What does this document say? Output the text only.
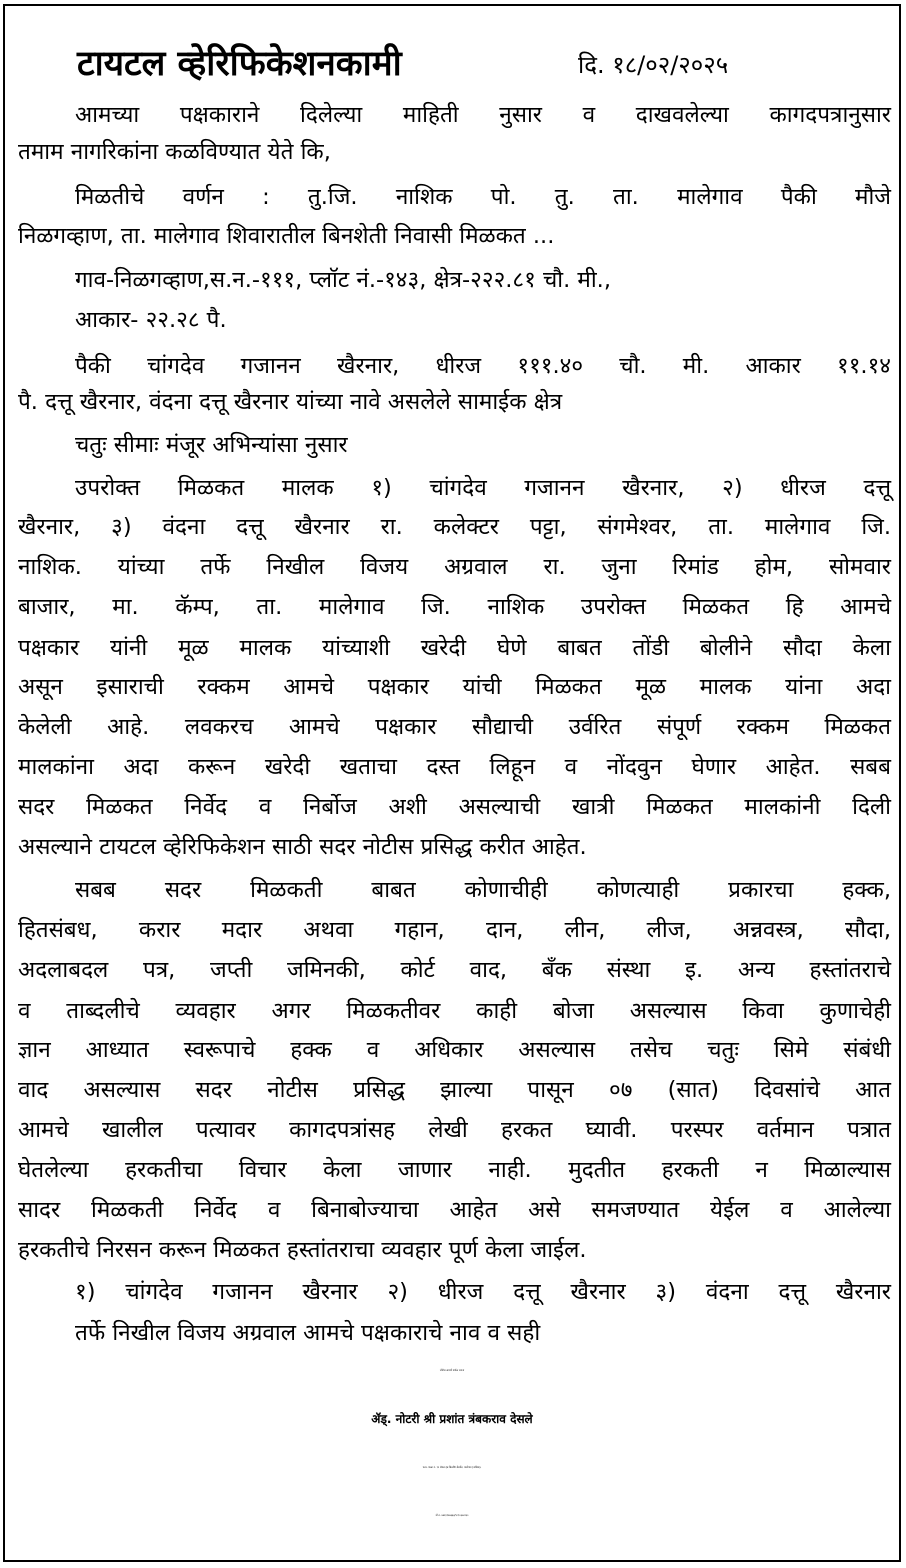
टायटल व्हेरिफिकेशनकामी	दि. १८/०२/२०२५
आमच्या पक्षकाराने दिलेल्या माहिती नुसार व दाखवलेल्या कागदपत्रानुसार
तमाम नागरिकांना कळविण्यात येते कि,
मिळतीचे वर्णन : तु.जि. नाशिक पो. तु. ता. मालेगाव पैकी मौजे
निळगव्हाण, ता. मालेगाव शिवारातील बिनशेती निवासी मिळकत ...
गाव-निळगव्हाण,स.न.-१११, प्लॉट नं.-१४३, क्षेत्र-२२२.८१ चौ. मी.,
आकार- २२.२८ पै.
पैकी चांगदेव गजानन खैरनार, धीरज १११.४० चौ. मी. आकार ११.१४
पै. दत्तू खैरनार, वंदना दत्तू खैरनार यांच्या नावे असलेले सामाईक क्षेत्र
चतुः सीमाः मंजूर अभिन्यांसा नुसार
उपरोक्त मिळकत मालक १) चांगदेव गजानन खैरनार, २) धीरज दत्तू
खैरनार, ३) वंदना दत्तू खैरनार रा. कलेक्टर पट्टा, संगमेश्वर, ता. मालेगाव जि.
नाशिक. यांच्या तर्फे निखील विजय अग्रवाल रा. जुना रिमांड होम, सोमवार
बाजार, मा. कॅम्प, ता. मालेगाव जि. नाशिक उपरोक्त मिळकत हि आमचे
पक्षकार यांनी मूळ मालक यांच्याशी खरेदी घेणे बाबत तोंडी बोलीने सौदा केला
असून इसाराची रक्कम आमचे पक्षकार यांची मिळकत मूळ मालक यांना अदा
केलेली आहे. लवकरच आमचे पक्षकार सौद्याची उर्वरित संपूर्ण रक्कम मिळकत
मालकांना अदा करून खरेदी खताचा दस्त लिहून व नोंदवुन घेणार आहेत. सबब
सदर मिळकत निर्वेद व निर्बोज अशी असल्याची खात्री मिळकत मालकांनी दिली
असल्याने टायटल व्हेरिफिकेशन साठी सदर नोटीस प्रसिद्ध करीत आहेत.
सबब सदर मिळकती बाबत कोणाचीही कोणत्याही प्रकारचा हक्क,
हितसंबध, करार मदार अथवा गहान, दान, लीन, लीज, अन्नवस्त्र, सौदा,
अदलाबदल पत्र, जप्ती जमिनकी, कोर्ट वाद, बँक संस्था इ. अन्य हस्तांतराचे
व ताब्दलीचे व्यवहार अगर मिळकतीवर काही बोजा असल्यास किवा कुणाचेही
ज्ञान आध्यात स्वरूपाचे हक्क व अधिकार असल्यास तसेच चतुः सिमे संबंधी
वाद असल्यास सदर नोटीस प्रसिद्ध झाल्या पासून ०७ (सात) दिवसांचे आत
आमचे खालील पत्यावर कागदपत्रांसह लेखी हरकत घ्यावी. परस्पर वर्तमान पत्रात
घेतलेल्या हरकतीचा विचार केला जाणार नाही. मुदतीत हरकती न मिळाल्यास
सादर मिळकती निर्वेद व बिनाबोज्याचा आहेत असे समजण्यात येईल व आलेल्या
हरकतीचे निरसन करून मिळकत हस्तांतराचा व्यवहार पूर्ण केला जाईल.
१) चांगदेव गजानन खैरनार २) धीरज दत्तू खैरनार ३) वंदना दत्तू खैरनार
तर्फे निखील विजय अग्रवाल आमचे पक्षकाराचे नाव व सही
नोटीस आमचे मार्फत रवाना
ॲड्. नोटरी श्री प्रशांत त्रंबकराव देसले
पत्ता- गाळा नं. १२ रॉयल हब बिल्डींग बेसमेंट, मालेगाव (नाशिक).
मो.न. ७७६९९७७३३३/९८९०३५४२६०
